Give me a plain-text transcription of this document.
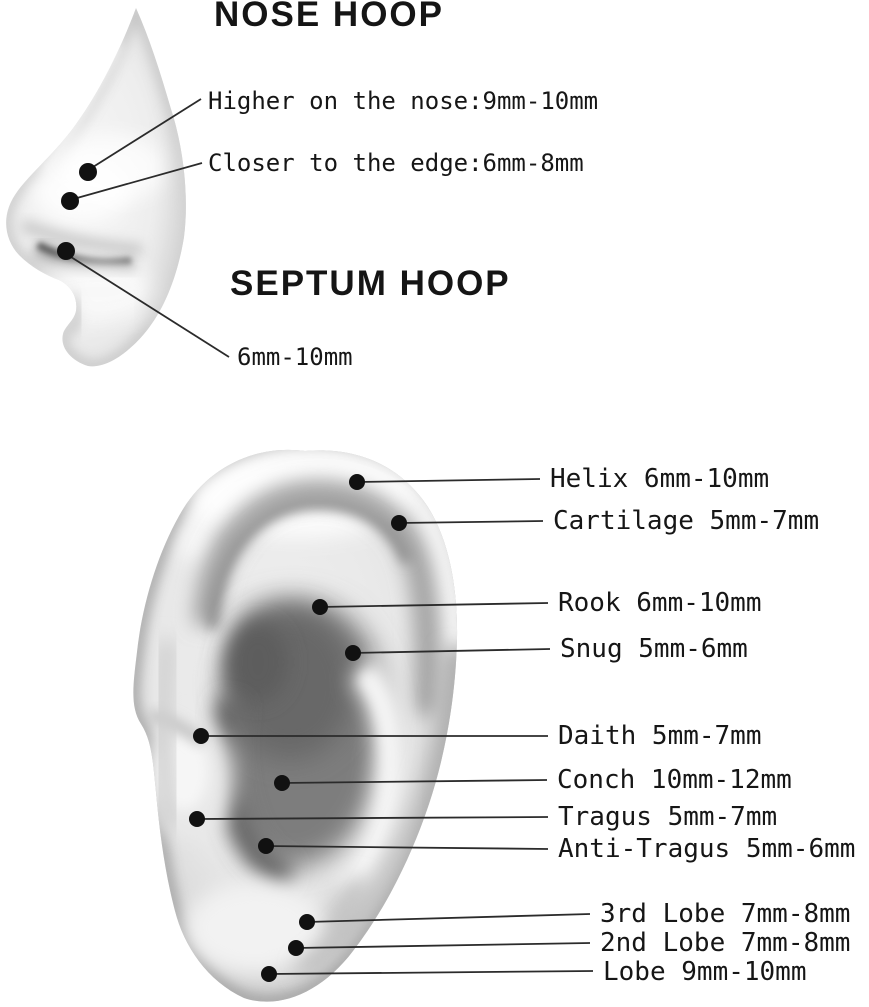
NOSE HOOP
SEPTUM HOOP
Higher on the nose:9mm-10mm
Closer to the edge:6mm-8mm
6mm-10mm
Helix 6mm-10mm
Cartilage 5mm-7mm
Rook 6mm-10mm
Snug 5mm-6mm
Daith 5mm-7mm
Conch 10mm-12mm
Tragus 5mm-7mm
Anti-Tragus 5mm-6mm
3rd Lobe 7mm-8mm
2nd Lobe 7mm-8mm
Lobe 9mm-10mm
